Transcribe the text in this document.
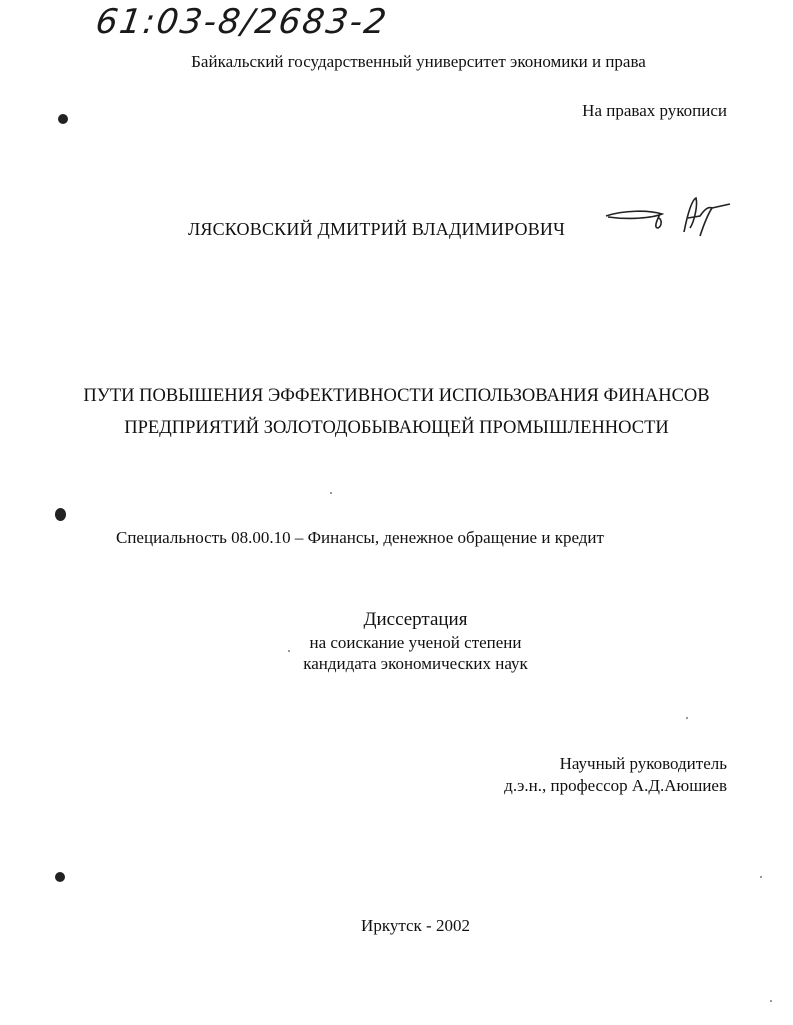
61:03-8/2683-2
Байкальский государственный университет экономики и права
На правах рукописи
ЛЯСКОВСКИЙ ДМИТРИЙ ВЛАДИМИРОВИЧ
ПУТИ ПОВЫШЕНИЯ ЭФФЕКТИВНОСТИ ИСПОЛЬЗОВАНИЯ ФИНАНСОВ
ПРЕДПРИЯТИЙ ЗОЛОТОДОБЫВАЮЩЕЙ ПРОМЫШЛЕННОСТИ
Специальность 08.00.10 – Финансы, денежное обращение и кредит
Диссертация
на соискание ученой степени
кандидата экономических наук
Научный руководитель
д.э.н., профессор А.Д.Аюшиев
Иркутск - 2002
